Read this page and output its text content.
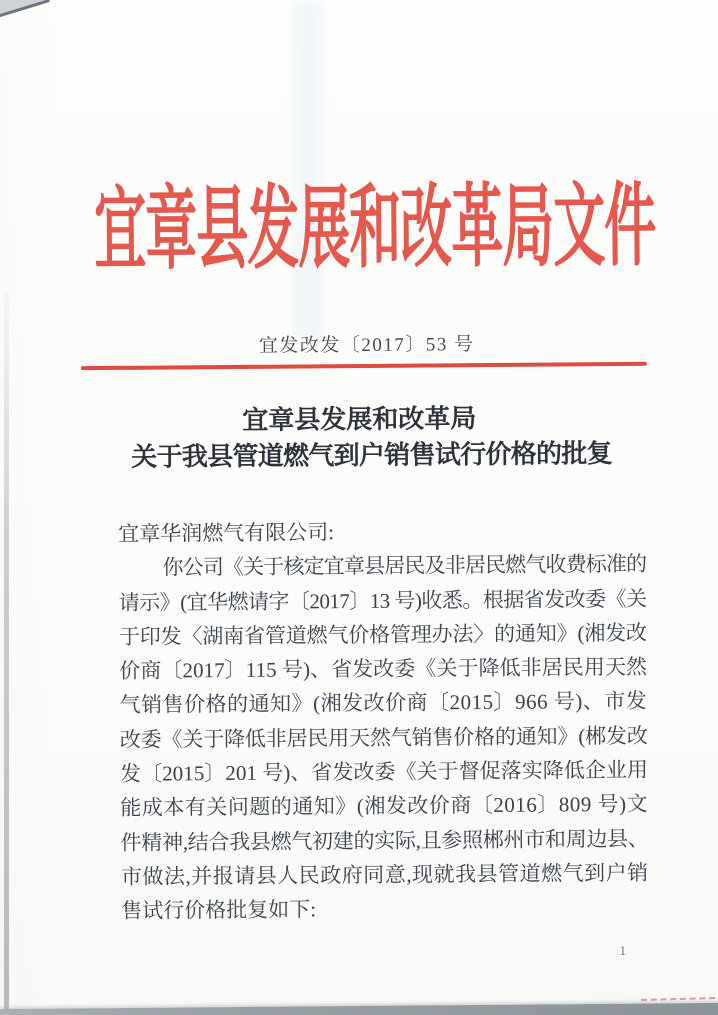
宜章县发展和改革局文件
宜发改发〔2017〕53 号
宜章县发展和改革局
关于我县管道燃气到户销售试行价格的批复
宜章华润燃气有限公司:
你公司《关于核定宜章县居民及非居民燃气收费标准的
请示》(宜华燃请字〔2017〕13 号)收悉。根据省发改委《关
于印发〈湖南省管道燃气价格管理办法〉的通知》(湘发改
价商〔2017〕115 号)、省发改委《关于降低非居民用天然
气销售价格的通知》(湘发改价商〔2015〕966 号)、市发
改委《关于降低非居民用天然气销售价格的通知》(郴发改
发〔2015〕201 号)、省发改委《关于督促落实降低企业用
能成本有关问题的通知》(湘发改价商〔2016〕809 号)文
件精神,结合我县燃气初建的实际,且参照郴州市和周边县、
市做法,并报请县人民政府同意,现就我县管道燃气到户销
售试行价格批复如下:
1
